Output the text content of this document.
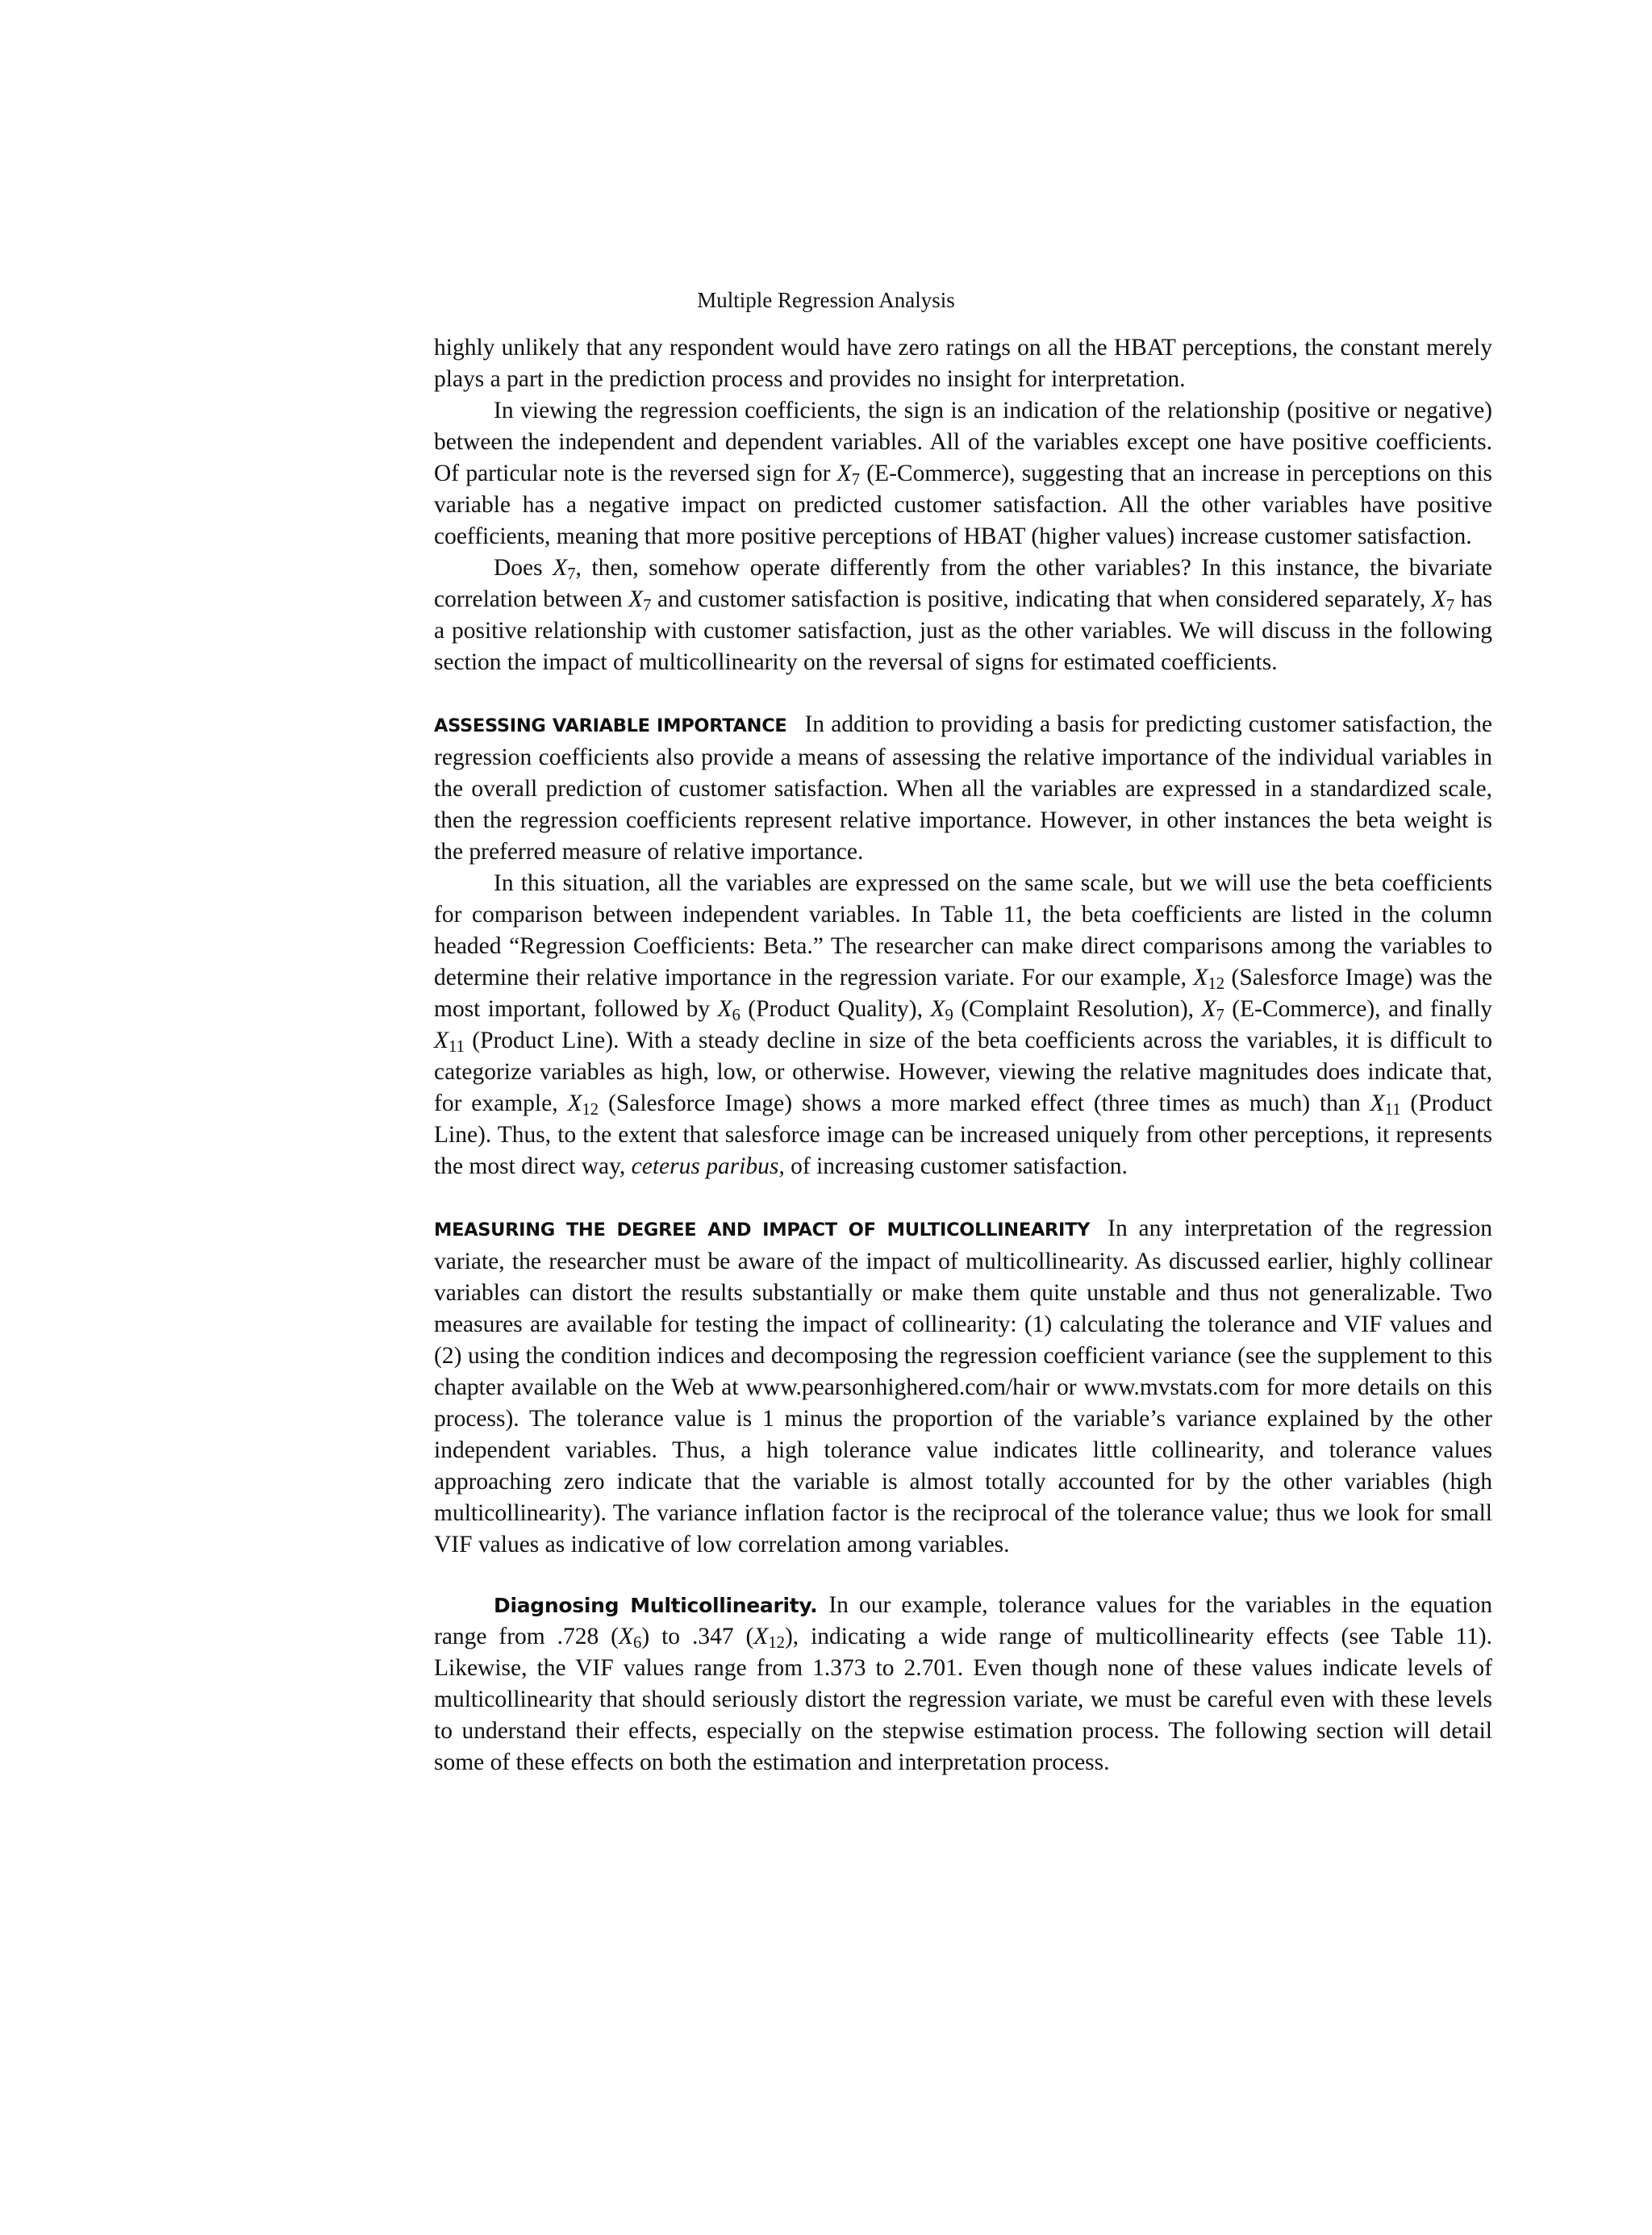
Multiple Regression Analysis

highly unlikely that any respondent would have zero ratings on all the HBAT perceptions, the constant merely plays a part in the prediction process and provides no insight for interpretation.

In viewing the regression coefficients, the sign is an indication of the relationship (positive or negative) between the independent and dependent variables. All of the variables except one have positive coefficients. Of particular note is the reversed sign for $X_7$ (E-Commerce), suggesting that an increase in perceptions on this variable has a negative impact on predicted customer satisfaction. All the other variables have positive coefficients, meaning that more positive perceptions of HBAT (higher values) increase customer satisfaction.

Does $X_7$, then, somehow operate differently from the other variables? In this instance, the bivariate correlation between $X_7$ and customer satisfaction is positive, indicating that when considered separately, $X_7$ has a positive relationship with customer satisfaction, just as the other variables. We will discuss in the following section the impact of multicollinearity on the reversal of signs for estimated coefficients.

ASSESSING VARIABLE IMPORTANCE In addition to providing a basis for predicting customer satisfaction, the regression coefficients also provide a means of assessing the relative importance of the individual variables in the overall prediction of customer satisfaction. When all the variables are expressed in a standardized scale, then the regression coefficients represent relative importance. However, in other instances the beta weight is the preferred measure of relative importance.

In this situation, all the variables are expressed on the same scale, but we will use the beta coefficients for comparison between independent variables. In Table 11, the beta coefficients are listed in the column headed “Regression Coefficients: Beta.” The researcher can make direct comparisons among the variables to determine their relative importance in the regression variate. For our example, $X_{12}$ (Salesforce Image) was the most important, followed by $X_6$ (Product Quality), $X_9$ (Complaint Resolution), $X_7$ (E-Commerce), and finally $X_{11}$ (Product Line). With a steady decline in size of the beta coefficients across the variables, it is difficult to categorize variables as high, low, or otherwise. However, viewing the relative magnitudes does indicate that, for example, $X_{12}$ (Salesforce Image) shows a more marked effect (three times as much) than $X_{11}$ (Product Line). Thus, to the extent that salesforce image can be increased uniquely from other perceptions, it represents the most direct way, ceterus paribus, of increasing customer satisfaction.

MEASURING THE DEGREE AND IMPACT OF MULTICOLLINEARITY In any interpretation of the regression variate, the researcher must be aware of the impact of multicollinearity. As discussed earlier, highly collinear variables can distort the results substantially or make them quite unstable and thus not generalizable. Two measures are available for testing the impact of collinearity: (1) calculating the tolerance and VIF values and (2) using the condition indices and decomposing the regression coefficient variance (see the supplement to this chapter available on the Web at www.pearsonhighered.com/hair or www.mvstats.com for more details on this process). The tolerance value is 1 minus the proportion of the variable’s variance explained by the other independent variables. Thus, a high tolerance value indicates little collinearity, and tolerance values approaching zero indicate that the variable is almost totally accounted for by the other variables (high multicollinearity). The variance inflation factor is the reciprocal of the tolerance value; thus we look for small VIF values as indicative of low correlation among variables.

Diagnosing Multicollinearity. In our example, tolerance values for the variables in the equation range from .728 $(X_6)$ to .347 $(X_{12})$, indicating a wide range of multicollinearity effects (see Table 11). Likewise, the VIF values range from 1.373 to 2.701. Even though none of these values indicate levels of multicollinearity that should seriously distort the regression variate, we must be careful even with these levels to understand their effects, especially on the stepwise estimation process. The following section will detail some of these effects on both the estimation and interpretation process.
